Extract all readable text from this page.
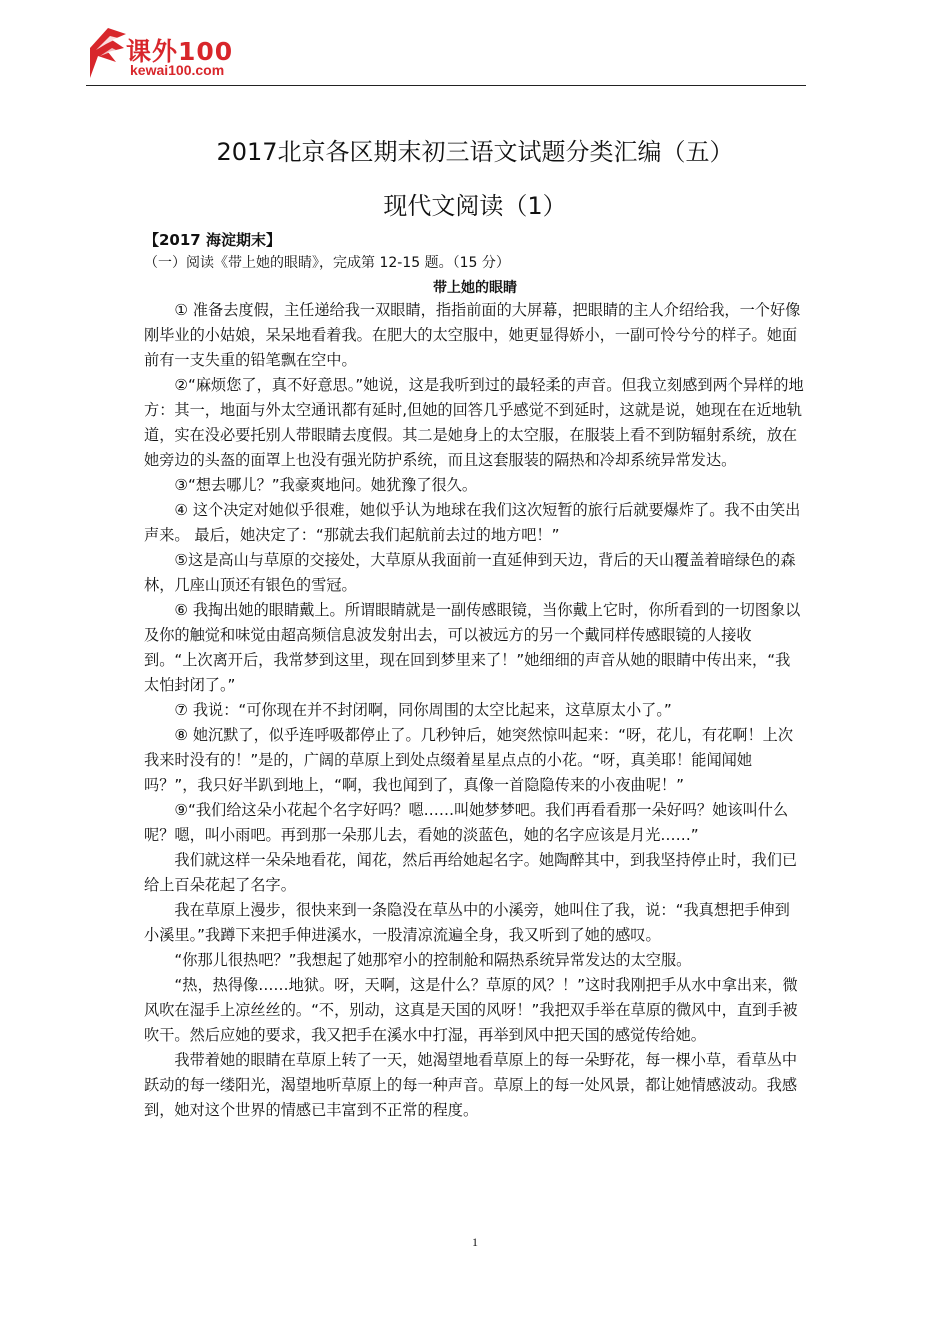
课外100
kewai100.com
2017北京各区期末初三语文试题分类汇编（五）
现代文阅读（1）
【2017 海淀期末】
（一）阅读《带上她的眼睛》，完成第 12-15 题。（15 分）
带上她的眼睛

① 准备去度假，主任递给我一双眼睛，指指前面的大屏幕，把眼睛的主人介绍给我，一个好像刚毕业的小姑娘，呆呆地看着我。在肥大的太空服中，她更显得娇小，一副可怜兮兮的样子。她面前有一支失重的铅笔飘在空中。

②“麻烦您了，真不好意思。”她说，这是我听到过的最轻柔的声音。但我立刻感到两个异样的地方：其一，地面与外太空通讯都有延时,但她的回答几乎感觉不到延时，这就是说，她现在在近地轨道，实在没必要托别人带眼睛去度假。其二是她身上的太空服，在服装上看不到防辐射系统，放在她旁边的头盔的面罩上也没有强光防护系统，而且这套服装的隔热和冷却系统异常发达。

③“想去哪儿？”我豪爽地问。她犹豫了很久。

④ 这个决定对她似乎很难，她似乎认为地球在我们这次短暂的旅行后就要爆炸了。我不由笑出声来。 最后，她决定了：“那就去我们起航前去过的地方吧！”

⑤这是高山与草原的交接处，大草原从我面前一直延伸到天边，背后的天山覆盖着暗绿色的森林，几座山顶还有银色的雪冠。

⑥ 我掏出她的眼睛戴上。所谓眼睛就是一副传感眼镜，当你戴上它时，你所看到的一切图象以及你的触觉和味觉由超高频信息波发射出去，可以被远方的另一个戴同样传感眼镜的人接收到。“上次离开后，我常梦到这里，现在回到梦里来了！”她细细的声音从她的眼睛中传出来，“我太怕封闭了。”

⑦ 我说：“可你现在并不封闭啊，同你周围的太空比起来，这草原太小了。”

⑧ 她沉默了，似乎连呼吸都停止了。几秒钟后，她突然惊叫起来：“呀，花儿，有花啊！上次我来时没有的！”是的，广阔的草原上到处点缀着星星点点的小花。“呀，真美耶！能闻闻她吗？”，我只好半趴到地上，“啊，我也闻到了，真像一首隐隐传来的小夜曲呢！”

⑨“我们给这朵小花起个名字好吗？嗯……叫她梦梦吧。我们再看看那一朵好吗？她该叫什么呢？嗯，叫小雨吧。再到那一朵那儿去，看她的淡蓝色，她的名字应该是月光……”

我们就这样一朵朵地看花，闻花，然后再给她起名字。她陶醉其中，到我坚持停止时，我们已给上百朵花起了名字。

我在草原上漫步，很快来到一条隐没在草丛中的小溪旁，她叫住了我，说：“我真想把手伸到小溪里。”我蹲下来把手伸进溪水，一股清凉流遍全身，我又听到了她的感叹。

“你那儿很热吧？”我想起了她那窄小的控制舱和隔热系统异常发达的太空服。

“热，热得像……地狱。呀，天啊，这是什么？草原的风？！”这时我刚把手从水中拿出来，微风吹在湿手上凉丝丝的。“不，别动，这真是天国的风呀！”我把双手举在草原的微风中，直到手被吹干。然后应她的要求，我又把手在溪水中打湿，再举到风中把天国的感觉传给她。

我带着她的眼睛在草原上转了一天，她渴望地看草原上的每一朵野花，每一棵小草，看草丛中跃动的每一缕阳光，渴望地听草原上的每一种声音。草原上的每一处风景，都让她情感波动。我感到，她对这个世界的情感已丰富到不正常的程度。

1
